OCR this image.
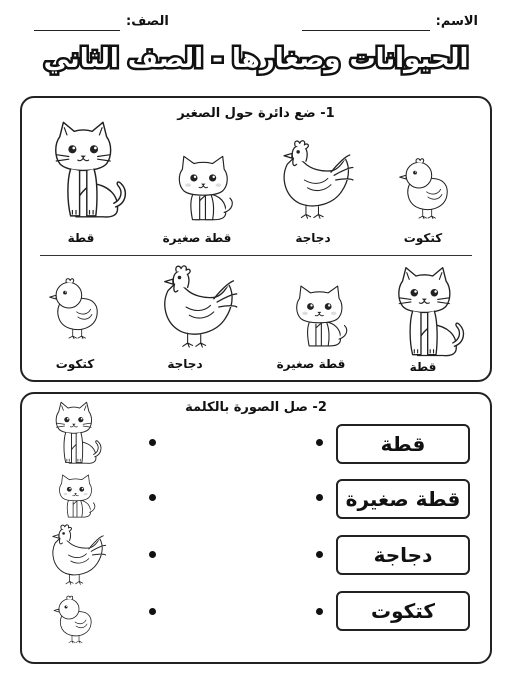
الاسم:
الصف:
الحيوانات وصغارها - الصف الثاني
1- ضع دائرة حول الصغير
قطة	قطة صغيرة	دجاجة	كتكوت
كتكوت	دجاجة	قطة صغيرة	قطة
2- صل الصورة بالكلمة
قطة
قطة صغيرة
دجاجة
كتكوت
